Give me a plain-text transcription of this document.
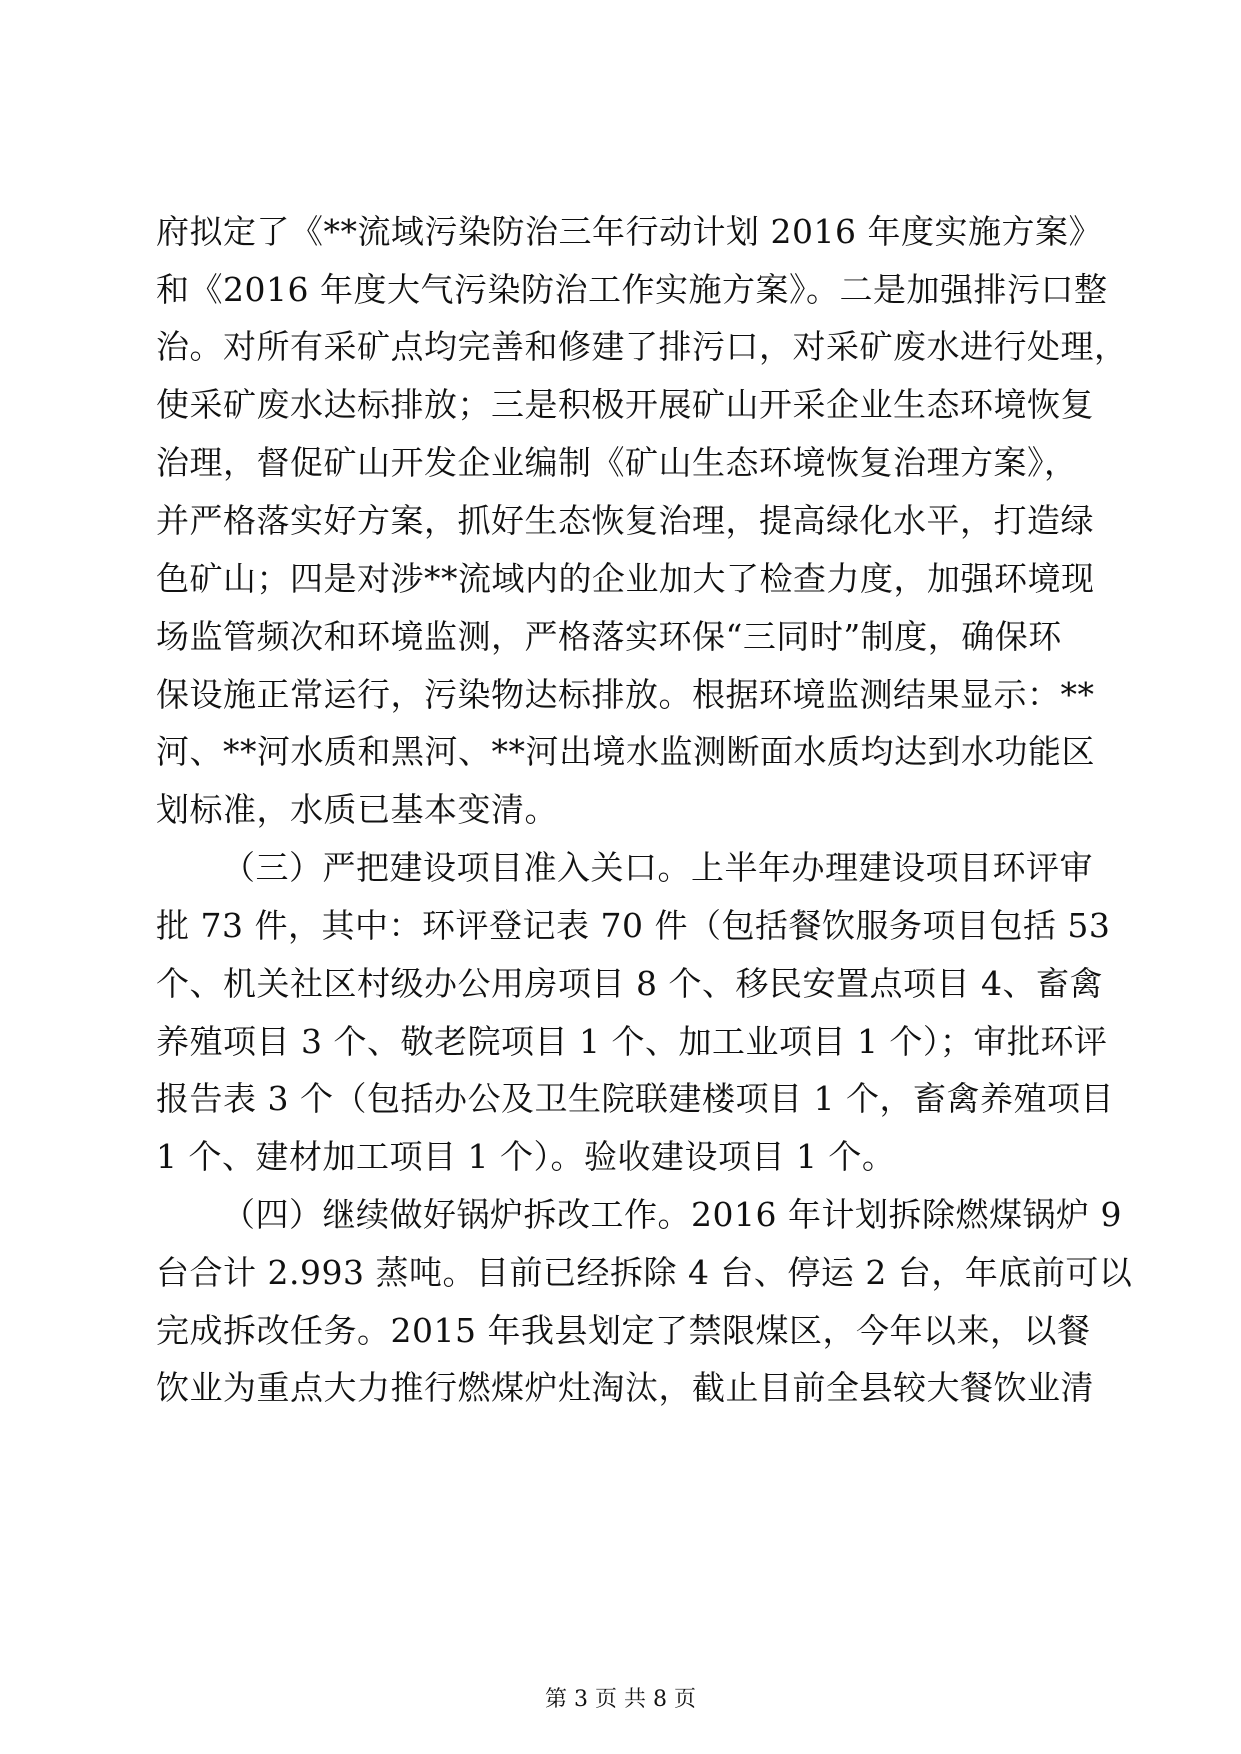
府拟定了《**流域污染防治三年行动计划 2016 年度实施方案》
和《2016 年度大气污染防治工作实施方案》。二是加强排污口整
治。对所有采矿点均完善和修建了排污口，对采矿废水进行处理，
使采矿废水达标排放；三是积极开展矿山开采企业生态环境恢复
治理，督促矿山开发企业编制《矿山生态环境恢复治理方案》，
并严格落实好方案，抓好生态恢复治理，提高绿化水平，打造绿
色矿山；四是对涉**流域内的企业加大了检查力度，加强环境现
场监管频次和环境监测，严格落实环保“三同时”制度，确保环
保设施正常运行，污染物达标排放。根据环境监测结果显示：**
河、**河水质和黑河、**河出境水监测断面水质均达到水功能区
划标准，水质已基本变清。
（三）严把建设项目准入关口。上半年办理建设项目环评审
批 73 件，其中：环评登记表 70 件（包括餐饮服务项目包括 53
个、机关社区村级办公用房项目 8 个、移民安置点项目 4、畜禽
养殖项目 3 个、敬老院项目 1 个、加工业项目 1 个）；审批环评
报告表 3 个（包括办公及卫生院联建楼项目 1 个，畜禽养殖项目
1 个、建材加工项目 1 个）。验收建设项目 1 个。
（四）继续做好锅炉拆改工作。2016 年计划拆除燃煤锅炉 9
台合计 2.993 蒸吨。目前已经拆除 4 台、停运 2 台，年底前可以
完成拆改任务。2015 年我县划定了禁限煤区，今年以来，以餐
饮业为重点大力推行燃煤炉灶淘汰，截止目前全县较大餐饮业清
第 3 页 共 8 页
